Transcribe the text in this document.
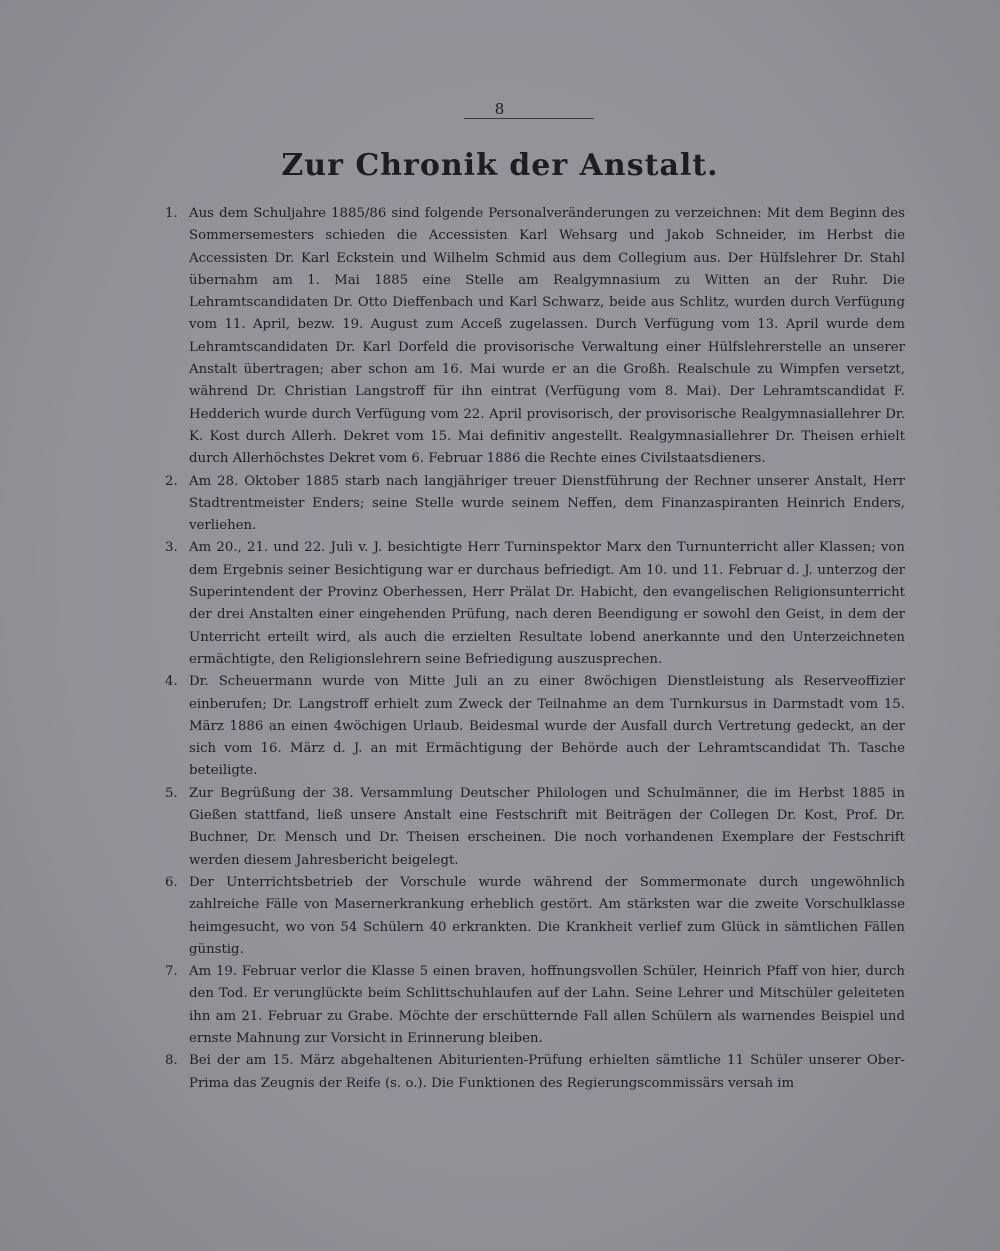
8
Zur Chronik der Anstalt.
1. Aus dem Schuljahre 1885/86 sind folgende Personalveränderungen zu verzeichnen: Mit dem Beginn des Sommersemesters schieden die Accessisten Karl Wehsarg und Jakob Schneider, im Herbst die Accessisten Dr. Karl Eckstein und Wilhelm Schmid aus dem Collegium aus. Der Hülfslehrer Dr. Stahl übernahm am 1. Mai 1885 eine Stelle am Realgymnasium zu Witten an der Ruhr. Die Lehramtscandidaten Dr. Otto Dieffenbach und Karl Schwarz, beide aus Schlitz, wurden durch Verfügung vom 11. April, bezw. 19. August zum Acceß zugelassen. Durch Verfügung vom 13. April wurde dem Lehramtscandidaten Dr. Karl Dorfeld die provisorische Verwaltung einer Hülfslehrerstelle an unserer Anstalt übertragen; aber schon am 16. Mai wurde er an die Großh. Realschule zu Wimpfen versetzt, während Dr. Christian Langstroff für ihn eintrat (Verfügung vom 8. Mai). Der Lehramtscandidat F. Hedderich wurde durch Verfügung vom 22. April provisorisch, der provisorische Realgymnasiallehrer Dr. K. Kost durch Allerh. Dekret vom 15. Mai definitiv angestellt. Realgymnasiallehrer Dr. Theisen erhielt durch Allerhöchstes Dekret vom 6. Februar 1886 die Rechte eines Civilstaatsdieners.
2. Am 28. Oktober 1885 starb nach langjähriger treuer Dienstführung der Rechner unserer Anstalt, Herr Stadtrentmeister Enders; seine Stelle wurde seinem Neffen, dem Finanzaspiranten Heinrich Enders, verliehen.
3. Am 20., 21. und 22. Juli v. J. besichtigte Herr Turninspektor Marx den Turnunterricht aller Klassen; von dem Ergebnis seiner Besichtigung war er durchaus befriedigt. Am 10. und 11. Februar d. J. unterzog der Superintendent der Provinz Oberhessen, Herr Prälat Dr. Habicht, den evangelischen Religionsunterricht der drei Anstalten einer eingehenden Prüfung, nach deren Beendigung er sowohl den Geist, in dem der Unterricht erteilt wird, als auch die erzielten Resultate lobend anerkannte und den Unterzeichneten ermächtigte, den Religionslehrern seine Befriedigung auszusprechen.
4. Dr. Scheuermann wurde von Mitte Juli an zu einer 8wöchigen Dienstleistung als Reserveoffizier einberufen; Dr. Langstroff erhielt zum Zweck der Teilnahme an dem Turnkursus in Darmstadt vom 15. März 1886 an einen 4wöchigen Urlaub. Beidesmal wurde der Ausfall durch Vertretung gedeckt, an der sich vom 16. März d. J. an mit Ermächtigung der Behörde auch der Lehramtscandidat Th. Tasche beteiligte.
5. Zur Begrüßung der 38. Versammlung Deutscher Philologen und Schulmänner, die im Herbst 1885 in Gießen stattfand, ließ unsere Anstalt eine Festschrift mit Beiträgen der Collegen Dr. Kost, Prof. Dr. Buchner, Dr. Mensch und Dr. Theisen erscheinen. Die noch vorhandenen Exemplare der Festschrift werden diesem Jahresbericht beigelegt.
6. Der Unterrichtsbetrieb der Vorschule wurde während der Sommermonate durch ungewöhnlich zahlreiche Fälle von Masernerkrankung erheblich gestört. Am stärksten war die zweite Vorschulklasse heimgesucht, wo von 54 Schülern 40 erkrankten. Die Krankheit verlief zum Glück in sämtlichen Fällen günstig.
7. Am 19. Februar verlor die Klasse 5 einen braven, hoffnungsvollen Schüler, Heinrich Pfaff von hier, durch den Tod. Er verunglückte beim Schlittschuhlaufen auf der Lahn. Seine Lehrer und Mitschüler geleiteten ihn am 21. Februar zu Grabe. Möchte der erschütternde Fall allen Schülern als warnendes Beispiel und ernste Mahnung zur Vorsicht in Erinnerung bleiben.
8. Bei der am 15. März abgehaltenen Abiturienten-Prüfung erhielten sämtliche 11 Schüler unserer Ober-Prima das Zeugnis der Reife (s. o.). Die Funktionen des Regierungscommissärs versah im
